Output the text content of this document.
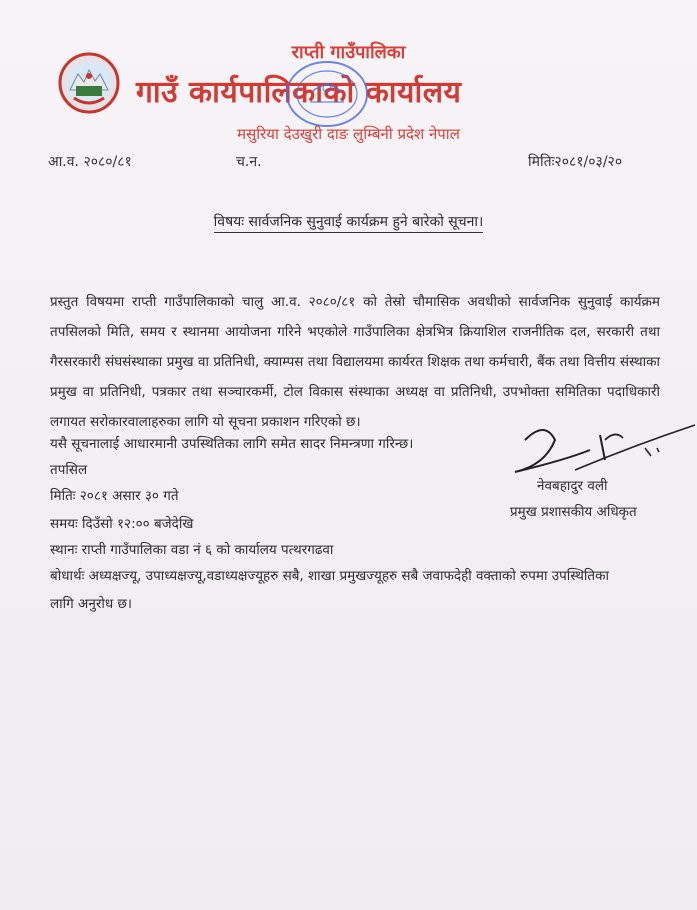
राप्ती गाउँपालिका
गाउँ कार्यपालिकाको कार्यालय
मसुरिया देउखुरी दाङ लुम्बिनी प्रदेश नेपाल
आ.व. २०८०/८१	च.न.	मितिः२०८१/०३/२०
विषयः सार्वजनिक सुनुवाई कार्यक्रम हुने बारेको सूचना।
प्रस्तुत विषयमा राप्ती गाउँपालिकाको चालु आ.व. २०८०/८१ को तेस्रो चौमासिक अवधीको सार्वजनिक सुनुवाई कार्यक्रम तपसिलको मिति, समय र स्थानमा आयोजना गरिने भएकोले गाउँपालिका क्षेत्रभित्र क्रियाशिल राजनीतिक दल, सरकारी तथा गैरसरकारी संघसंस्थाका प्रमुख वा प्रतिनिधी, क्याम्पस तथा विद्यालयमा कार्यरत शिक्षक तथा कर्मचारी, बैंक तथा वित्तीय संस्थाका प्रमुख वा प्रतिनिधी, पत्रकार तथा सञ्चारकर्मी, टोल विकास संस्थाका अध्यक्ष वा प्रतिनिधी, उपभोक्ता समितिका पदाधिकारी लगायत सरोकारवालाहरुका लागि यो सूचना प्रकाशन गरिएको छ।
यसै सूचनालाई आधारमानी उपस्थितिका लागि समेत सादर निमन्त्रणा गरिन्छ।
तपसिल
मितिः २०८१ असार ३० गते
समयः दिउँसो १२:०० बजेदेखि
स्थानः राप्ती गाउँपालिका वडा नं ६ को कार्यालय पत्थरगढवा
बोधार्थः अध्यक्षज्यू, उपाध्यक्षज्यू,वडाध्यक्षज्यूहरु सबै, शाखा प्रमुखज्यूहरु सबै जवाफदेही वक्ताको रुपमा उपस्थितिका
लागि अनुरोध छ।
नेवबहादुर वली
प्रमुख प्रशासकीय अधिकृत
